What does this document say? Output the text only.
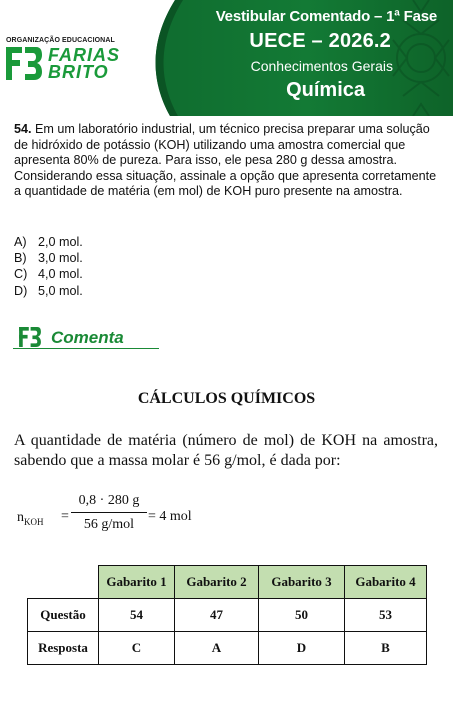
Vestibular Comentado – 1ª Fase
UECE – 2026.2
Conhecimentos Gerais
Química
ORGANIZAÇÃO EDUCACIONAL
FARIAS
BRITO
54. Em um laboratório industrial, um técnico precisa preparar uma solução de hidróxido de potássio (KOH) utilizando uma amostra comercial que apresenta 80% de pureza. Para isso, ele pesa 280 g dessa amostra. Considerando essa situação, assinale a opção que apresenta corretamente a quantidade de matéria (em mol) de KOH puro presente na amostra.
A) 2,0 mol.
B) 3,0 mol.
C) 4,0 mol.
D) 5,0 mol.
Comenta
CÁLCULOS QUÍMICOS
A quantidade de matéria (número de mol) de KOH na amostra, sabendo que a massa molar é 56 g/mol, é dada por:
$n_{KOH}$ =
0,8 · 280 g
56 g/mol
= 4 mol
	Gabarito 1	Gabarito 2	Gabarito 3	Gabarito 4
Questão	54	47	50	53
Resposta	C	A	D	B
